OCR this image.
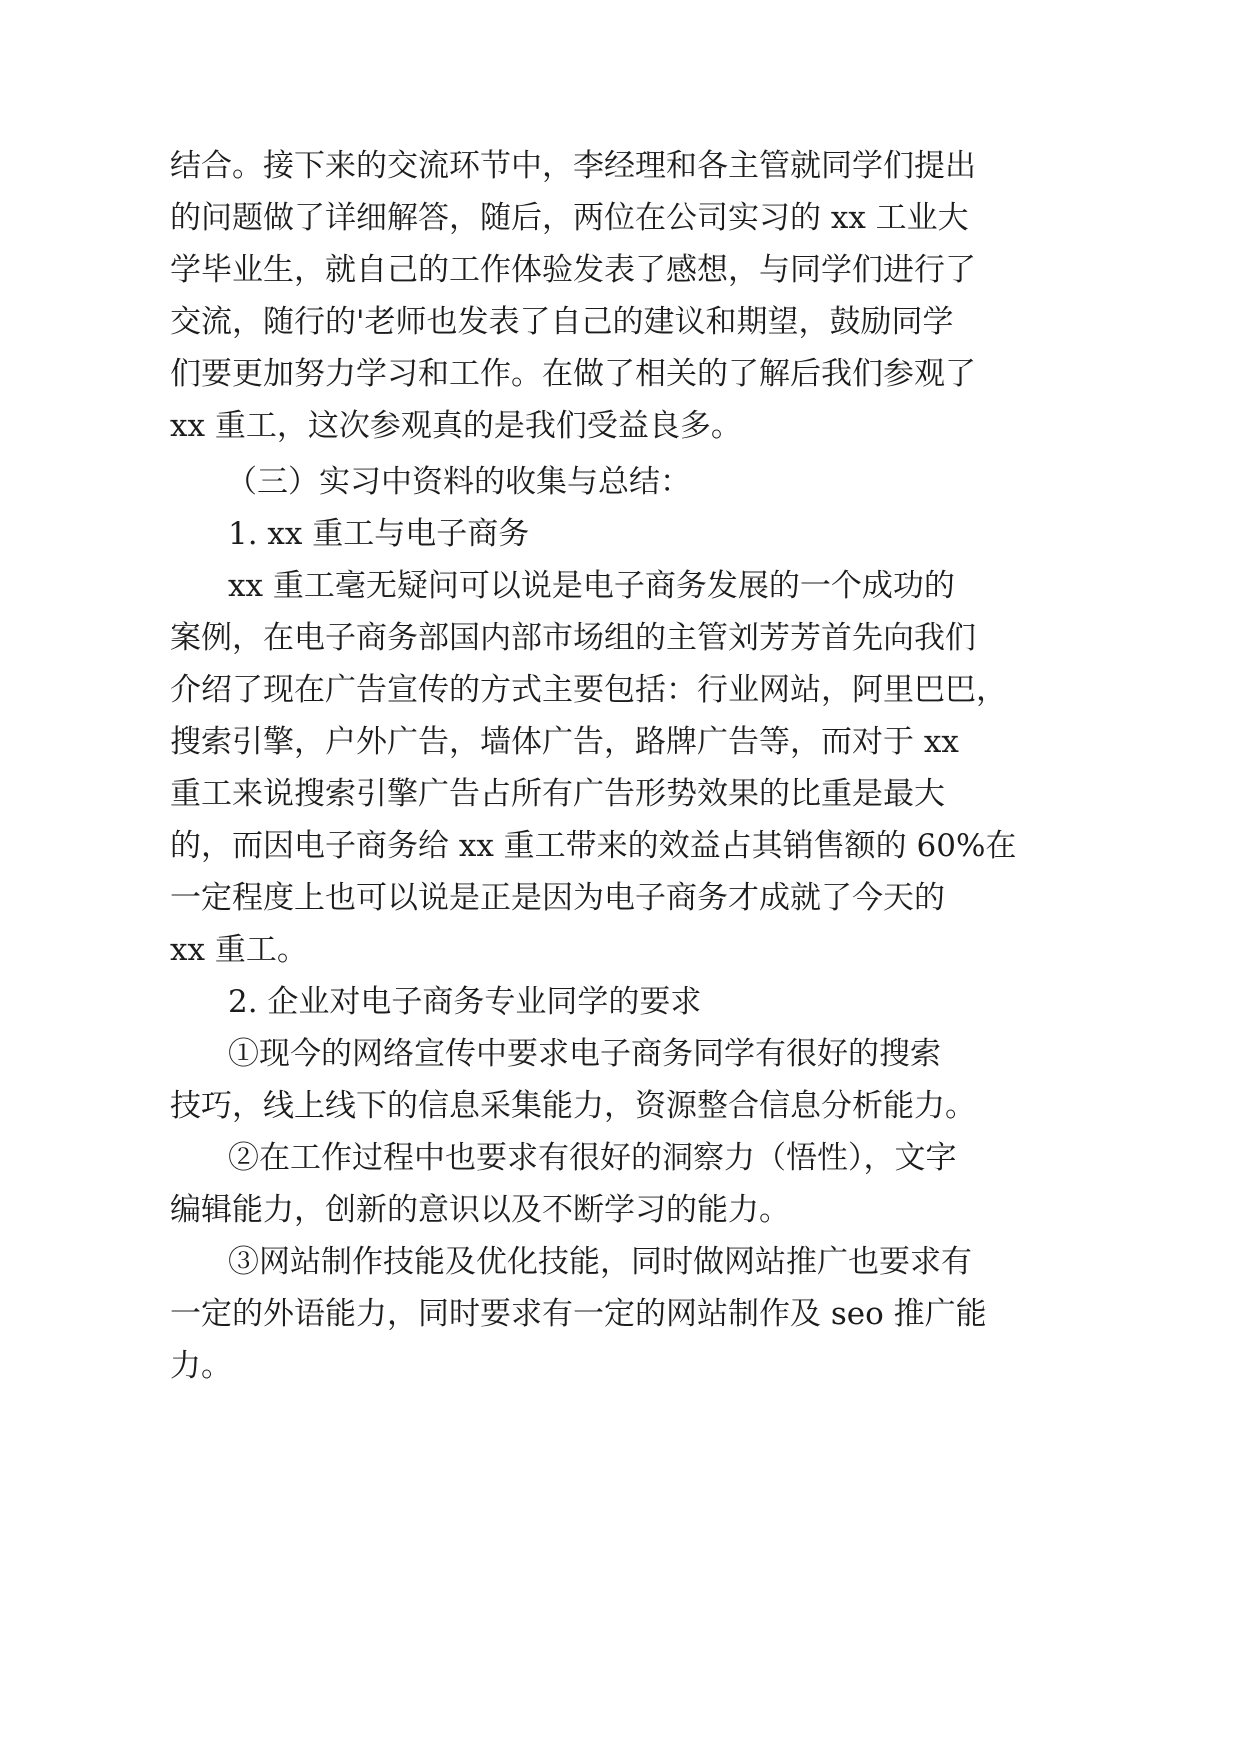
结合。接下来的交流环节中，李经理和各主管就同学们提出
的问题做了详细解答，随后，两位在公司实习的 xx 工业大
学毕业生，就自己的工作体验发表了感想，与同学们进行了
交流，随行的'老师也发表了自己的建议和期望，鼓励同学
们要更加努力学习和工作。在做了相关的了解后我们参观了
xx 重工，这次参观真的是我们受益良多。
（三）实习中资料的收集与总结：
1. xx 重工与电子商务
xx 重工毫无疑问可以说是电子商务发展的一个成功的
案例，在电子商务部国内部市场组的主管刘芳芳首先向我们
介绍了现在广告宣传的方式主要包括：行业网站，阿里巴巴，
搜索引擎，户外广告，墙体广告，路牌广告等，而对于 xx
重工来说搜索引擎广告占所有广告形势效果的比重是最大
的，而因电子商务给 xx 重工带来的效益占其销售额的 60%在
一定程度上也可以说是正是因为电子商务才成就了今天的
xx 重工。
2. 企业对电子商务专业同学的要求
①现今的网络宣传中要求电子商务同学有很好的搜索
技巧，线上线下的信息采集能力，资源整合信息分析能力。
②在工作过程中也要求有很好的洞察力（悟性），文字
编辑能力，创新的意识以及不断学习的能力。
③网站制作技能及优化技能，同时做网站推广也要求有
一定的外语能力，同时要求有一定的网站制作及 seo 推广能
力。
